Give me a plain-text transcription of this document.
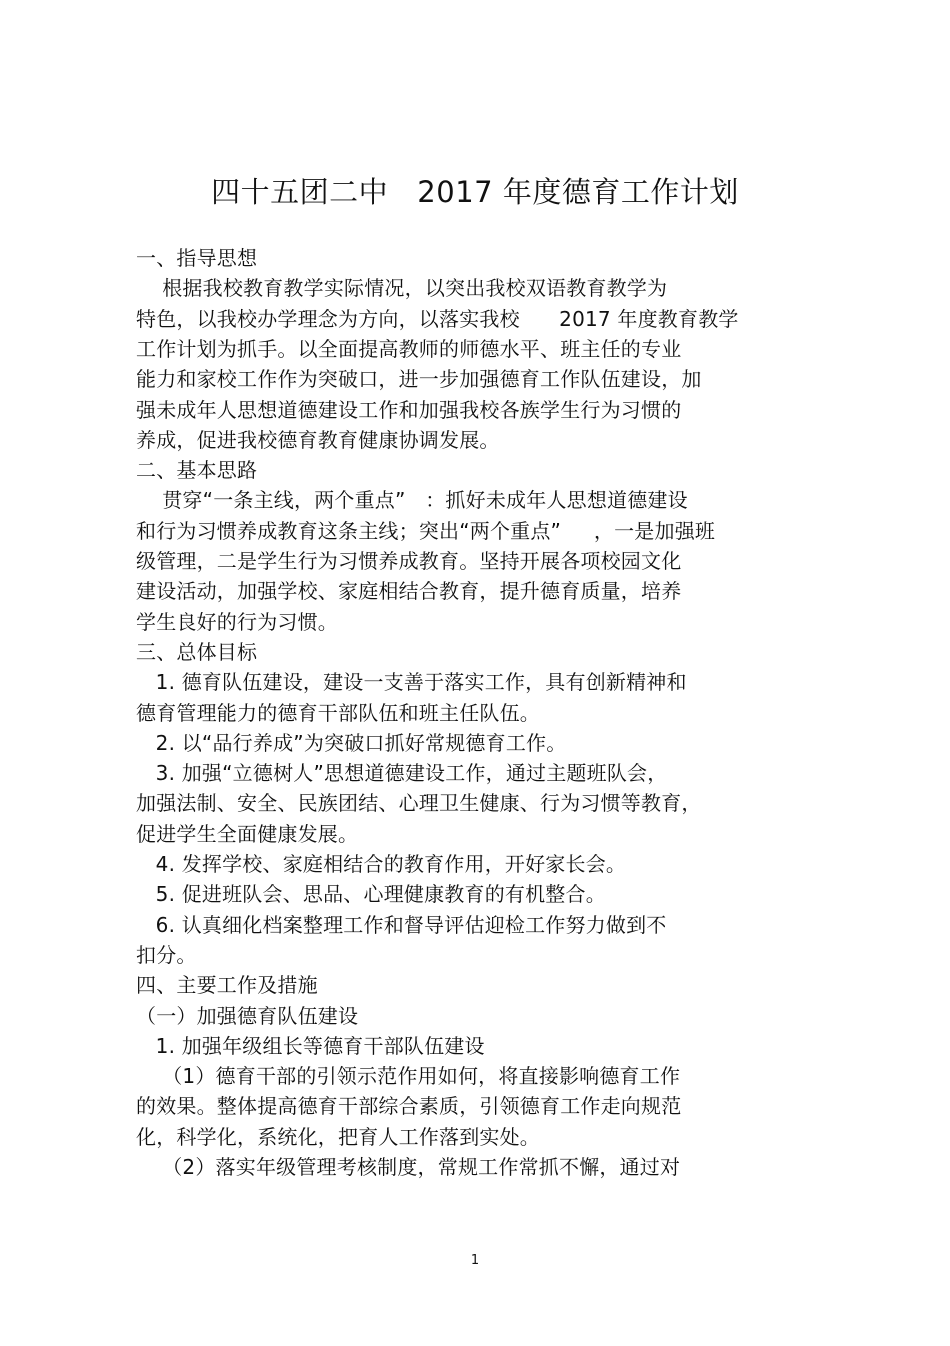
四十五团二中   2017 年度德育工作计划
一、指导思想
根据我校教育教学实际情况，以突出我校双语教育教学为
特色，以我校办学理念为方向，以落实我校      2017 年度教育教学
工作计划为抓手。以全面提高教师的师德水平、班主任的专业
能力和家校工作作为突破口，进一步加强德育工作队伍建设，加
强未成年人思想道德建设工作和加强我校各族学生行为习惯的
养成，促进我校德育教育健康协调发展。
二、基本思路
贯穿“一条主线，两个重点”   ：抓好未成年人思想道德建设
和行为习惯养成教育这条主线；突出“两个重点”     ，一是加强班
级管理，二是学生行为习惯养成教育。坚持开展各项校园文化
建设活动，加强学校、家庭相结合教育，提升德育质量，培养
学生良好的行为习惯。
三、总体目标
1. 德育队伍建设，建设一支善于落实工作，具有创新精神和
德育管理能力的德育干部队伍和班主任队伍。
2. 以“品行养成”为突破口抓好常规德育工作。
3. 加强“立德树人”思想道德建设工作，通过主题班队会，
加强法制、安全、民族团结、心理卫生健康、行为习惯等教育，
促进学生全面健康发展。
4. 发挥学校、家庭相结合的教育作用，开好家长会。
5. 促进班队会、思品、心理健康教育的有机整合。
6. 认真细化档案整理工作和督导评估迎检工作努力做到不
扣分。
四、主要工作及措施
（一）加强德育队伍建设
1. 加强年级组长等德育干部队伍建设
（1）德育干部的引领示范作用如何，将直接影响德育工作
的效果。整体提高德育干部综合素质，引领德育工作走向规范
化，科学化，系统化，把育人工作落到实处。
（2）落实年级管理考核制度，常规工作常抓不懈，通过对
1
